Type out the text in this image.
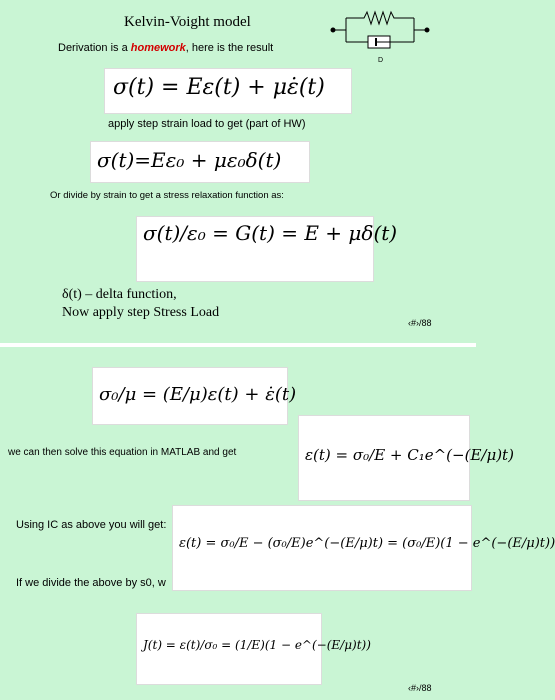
Kelvin-Voight model
D
Derivation is a homework, here is the result
σ(t) = Eε(t) + με̇(t)
apply step strain load to get (part of HW)
σ(t)=Eε₀ + με₀δ(t)
Or divide by strain to get a stress relaxation function as:
σ(t)/ε₀ = G(t) = E + μδ(t)
δ(t) – delta function,
Now apply step Stress Load
‹#›/88
σ₀/μ = (E/μ)ε(t) + ε̇(t)
we can then solve this equation in MATLAB and get	ε(t) = σ₀/E + C₁e^(−(E/μ)t)
Using IC as above you will get:
ε(t) = σ₀/E − (σ₀/E)e^(−(E/μ)t) = (σ₀/E)(1 − e^(−(E/μ)t))
If we divide the above by s0, w
J(t) = ε(t)/σ₀ = (1/E)(1 − e^(−(E/μ)t))
‹#›/88
